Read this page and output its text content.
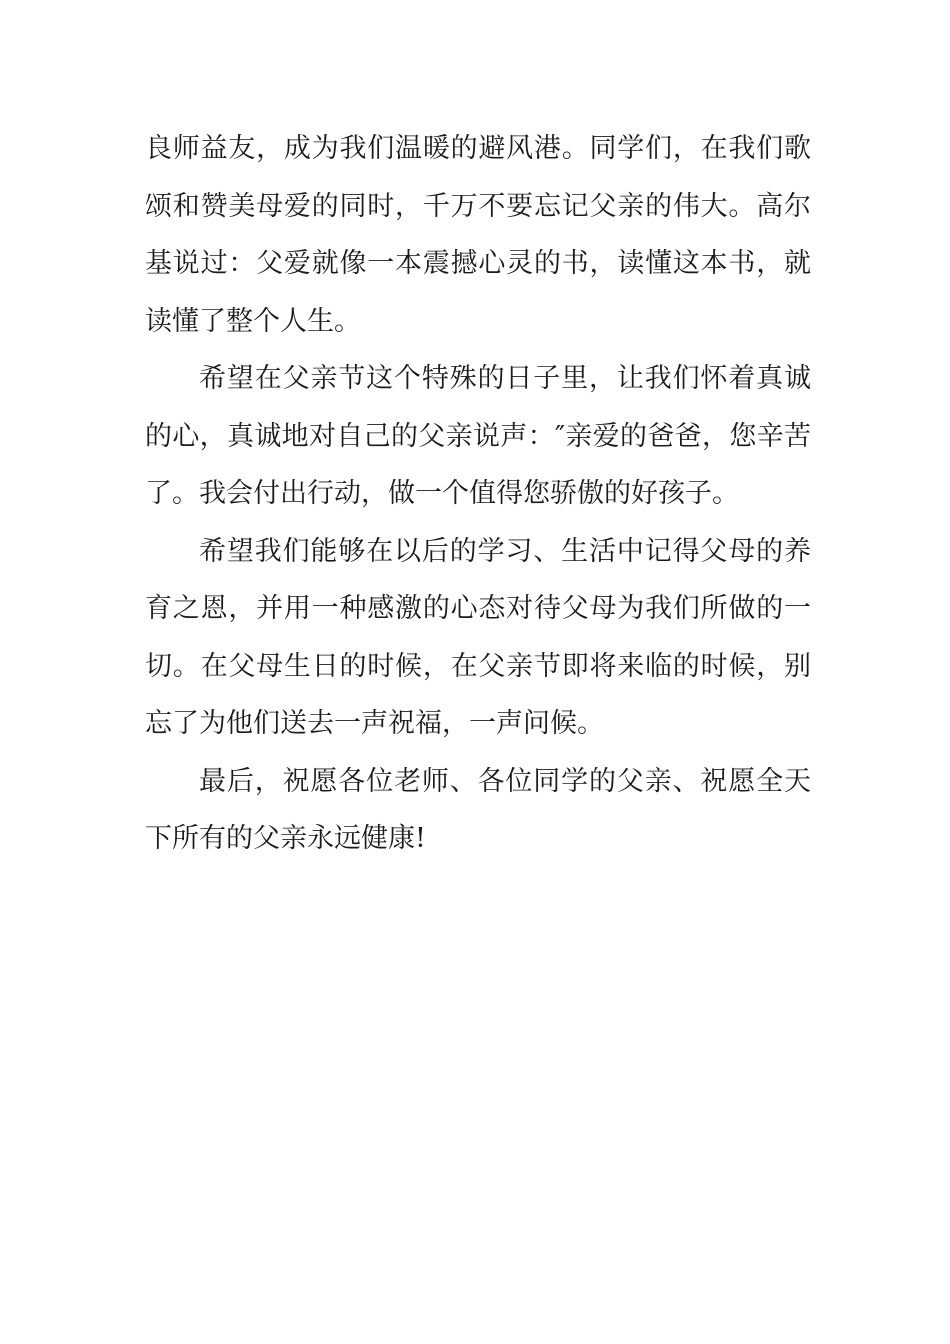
良师益友，成为我们温暖的避风港。同学们，在我们歌颂和赞美母爱的同时，千万不要忘记父亲的伟大。高尔基说过：父爱就像一本震撼心灵的书，读懂这本书，就读懂了整个人生。

希望在父亲节这个特殊的日子里，让我们怀着真诚的心，真诚地对自己的父亲说声：″亲爱的爸爸，您辛苦了。我会付出行动，做一个值得您骄傲的好孩子。

希望我们能够在以后的学习、生活中记得父母的养育之恩，并用一种感激的心态对待父母为我们所做的一切。在父母生日的时候，在父亲节即将来临的时候，别忘了为他们送去一声祝福，一声问候。

最后，祝愿各位老师、各位同学的父亲、祝愿全天下所有的父亲永远健康!
